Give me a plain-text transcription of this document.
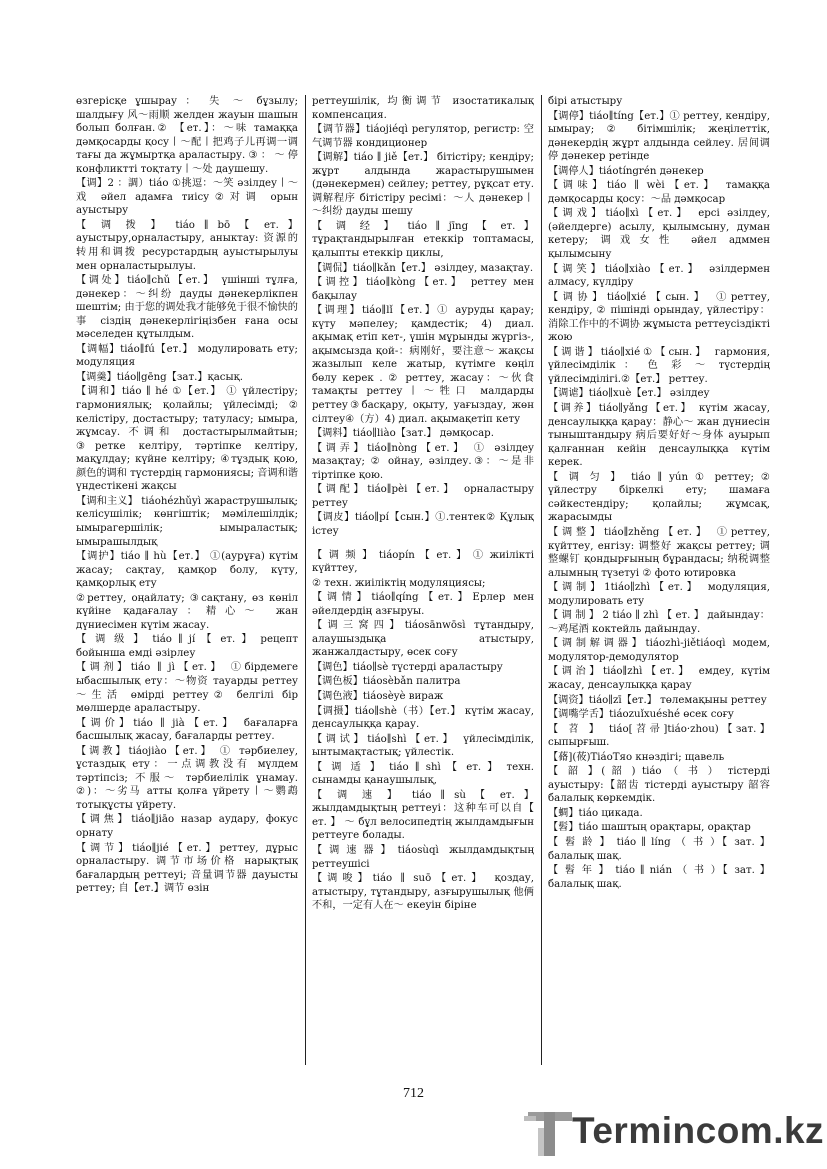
өзгерісқе ұшырау ： 失 ～ бұзылу; шалдығу 风～雨顺 желден жауын шашын болып болған.② 【ет.】：～味 тамаққа дәмқосарды қосу丨～配丨把鸡子儿再调一调 тағы да жұмыртқа араластыру. ③ ： ～ 停 конфликтті тоқтату丨～处 даушешу.

【调】2 ：調）tiáo ①挑逗：～笑 әзілдеу丨～戏 әйел адамға тиісу②对调 орын ауыстыру

【 调 拨 】 tiáo ∥ bō 【 ет. 】 ауыстыру,орналастыру, аныктау: 资源的转用和调拨 ресурстардың ауыстырылуы мен орналастырылуы.

【调处】tiáo∥chǔ【ет.】 үшінші тұлға, дәнекер：～纠纷 дауды дәнекерлікпен шештім; 由于您的调处我才能够免于很不愉快的事 сіздің дәнекерлігіңізбен ғана осы мәселеден құтылдым.

【调幅】tiáo∥fú【ет.】 модулировать ету; модуляция

【调羹】tiáo∥gēng【зат.】қасық.

【调和】tiáo ∥ hé ①【ет.】 ① үйлестіру; гармониялық; қолайлы; үйлесімді; ② келістіру, достастыру; татуласу; ымыра, жұмсау. 不调和 достастырылмайтын; ③ретке келтіру, тәртіпке келтіру, мақұлдау; күйне келтіру; ④тұздық қою, 颜色的调和 түстердің гармониясы; 音调和谐 үндестікені жақсы

【调和主义】 tiáohézhǔyì жараструшылық; келісушілік; көнгіштік; мәмілешілдік; ымырагершілік; ымыраластық; ымырашылдық

【调护】tiáo ∥ hù【ет.】 ①(аурұға) күтім жасау; сақтау, қамқор болу, күту, қамқорлық ету

②реттеу, оңайлату; ③сақтану, өз көніл күйіне қадағалау：精心～ жан дүниесімен күтім жасау.

【 调 级 】 tiáo ∥ jí 【 ет. 】 рецепт бойынша емді әзірлеу

【调剂】tiáo ∥ jì【ет.】 ①бірдемеге ыбасшылық ету：～物资 тауарды реттеу ～生活 өмірді реттеу② белгілі бір мөлшерде араластыру.

【调价】tiáo ∥ jià【ет.】 бағаларға басшылық жасау, бағаларды реттеу.

【调教】tiáojiào【ет.】 ① тәрбиелеу, ұстаздық ету：一点调教没有 мүлдем тәртіпсіз; 不服～ тәрбиелілік ұнамау. ②)：～劣马 атты қолға үйрету丨～鹦鹉 тотықұсты үйрету.

【调焦】tiáo∥jiāo назар аудару, фокус орнату

【调节】tiáo∥jié【ет.】реттеу, дұрыс орналастыру. 调节市场价格 нарықтық бағалардың реттеуі; 音量调节器 дауысты реттеу; 自【ет.】调节 өзін

реттеушілік, 均衡调节 изостатикалық компенсация.

【调节器】tiáojiéqì регулятор, регистр: 空气调节器 кондиционер

【调解】tiáo ∥ jiě【ет.】 бітістіру; кендіру; жұрт алдында жарастырушымен (дәнекермен) сейлеу; реттеу, рұқсат ету. 调解程序 бітістіру ресімі：～人 дәнекер丨～纠纷 дауды шешу

【 调 经 】 tiáo ∥ jīng 【 ет. 】 тұрақтандырылған етеккір топтамасы, қалыпты етеккір циклы,

【调侃】tiáo∥kǎn【ет.】 әзілдеу, мазақтау.

【调控】tiáo∥kòng【ет.】 реттеу мен бақылау

【调理】tiáo∥lǐ【ет.】① ауруды қарау; күту мәпелеу; қамдестік; 4) диал. ақымақ етіп кет-, үшін мұрынды жүргіз-, ақымсызда қой-：病刚好，要注意～ жақсы жазылып келе жатыр, күтімге көңіл бөлу керек . ② реттеу, жасау：～伙食 тамақты реттеу丨～牲口 малдарды реттеу③басқару, оқыту, уағыздау, жөн сілтеу④（方）4) диал. ақымақетіп кету

【调料】tiáo∥liào【зат.】 дәмқосар.

【调弄】tiáo∥nòng【ет.】 ① әзілдеу мазақтау; ② ойнау, әзілдеу.③：～是非 тіртіпке қою.

【调配】tiáo∥pèi【ет.】 орналастыру реттеу

【调皮】tiáo∥pí【сын.】①.тентек② Құлық істеу

【 调 频 】 tiáopín 【 ет. 】 ① жиілікті күйттеу,

② техн. жиіліктің модуляциясы;

【调情】tiáo∥qíng【ет.】Ерлер мен әйелдердің азғыруы.

【调三窝四】tiáosānwōsì тұтандыру, алаушыздықа атыстыру, жанжалдастыру, өсек соғу

【调色】tiáo∥sè түстерді араластыру

【调色板】tiáosèbǎn палитра

【调色液】tiáosèyè вираж

【调摄】tiáo∥shè（书）【ет.】 күтім жасау, денсаулыққа қарау.

【调试】tiáo∥shì【ет.】 үйлесімділік, ынтымақтастық; үйлестік.

【 调 适 】 tiáo ∥ shì 【 ет. 】 техн. сынамды қанаушылық,

【 调 速 】 tiáo ∥ sù 【 ет. 】 жылдамдықтың реттеуі：这种车可以自【 ет. 】 ～ бұл велосипедтің жылдамдығын реттеуге болады.

【调速器】tiáosùqì жылдамдықтың реттеушісі

【调唆】tiáo ∥ suō【ет.】 қоздау, атыстыру, тұтандыру, азғырушылық 他俩不和，一定有人在～ екеуін біріне

бірі атыстыру

【调停】tiáo∥tíng【ет.】① реттеу, кендіру, ымырау; ② бітімшілік; жеңілеттік, дәнекердің жұрт алдында сейлеу. 居间调停 дәнекер ретінде

【调停人】tiáotíngrén дәнекер

【调味】tiáo ∥ wèi【ет.】 тамаққа дәмқосарды қосу：～品 дәмқосар

【调戏】tiáo∥xì【ет.】 ерсі әзілдеу, (әйелдерге) асылу, қылымсыну, думан кетеру; 调戏女性 әйел адммен қылымсыну

【调笑】tiáo∥xiào【ет.】 әзілдермен алмасу, күлдіру

【调协】tiáo∥xié【сын.】 ①реттеу, кендіру, ② пішінді орындау, үйлестіру：消除工作中的不调协 жұмыста реттеусіздікті жою

【调谐】tiáo∥xié①【сын.】 гармония, үйлесімділік ： 色 彩 ～ түстердің үйлесімділігі.②【ет.】 реттеу.

【调谑】tiáo∥xuè【ет.】 әзілдеу

【调养】tiáo∥yǎng【ет.】 күтім жасау, денсаулыққа қарау：静心～ жан дүниесін тыныштандыру 病后要好好～身体 ауырып қалғаннан кейін денсаулыққа күтім керек.

【 调 匀 】 tiáo ∥ yún ① реттеу; ② үйлестру біркелкі ету; шамаға сәйкестендіру; қолайлы; жұмсақ, жарасымды

【调整】tiáo∥zhěng【ет.】 ①реттеу, күйттеу, енгізу: 调整好 жақсы реттеу; 调整螺钉 қондырғының бұрандасы; 纳税调整 алымның түзетуі ② фото ютировка

【调制】1tiáo∥zhì【ет.】 модуляция, модулировать ету

【 调 制 】 2 tiáo ∥ zhì 【 ет. 】 дайындау：～鸡尾酒 коктейль дайындау.

【调制解调器】tiáozhì-jiětiáoqì модем, модулятор-демодулятор

【调治】tiáo∥zhì【ет.】 емдеу, күтім жасау, денсаулыққа қарау

【调资】tiáo∥zī【ет.】 төлемақыны реттеу

【调嘴学舌】tiáozuǐxuéshé өсек соғу

【 苕 】 tiáo[苕帚]tiáo·zhou)【зат.】 сыпырғыш.

【蓨](莜)TiáoТяо кнәздігі; щавель

【 韶 】( 韶 ) tiáo （ 书 ） тістерді ауыстыру:【韶齿 тістерді ауыстыру 韶容 балалық көркемдік.

【蜩】tiáo цикада.

【髫】tiáo шаштың орақтары, орақтар

【 髫 龄 】 tiáo ∥ líng （ 书 ）【 зат. 】 балалық шақ.

【 髫 年 】 tiáo ∥ nián （ 书 ）【 зат. 】 балалық шақ.

712
Termincom.kz
